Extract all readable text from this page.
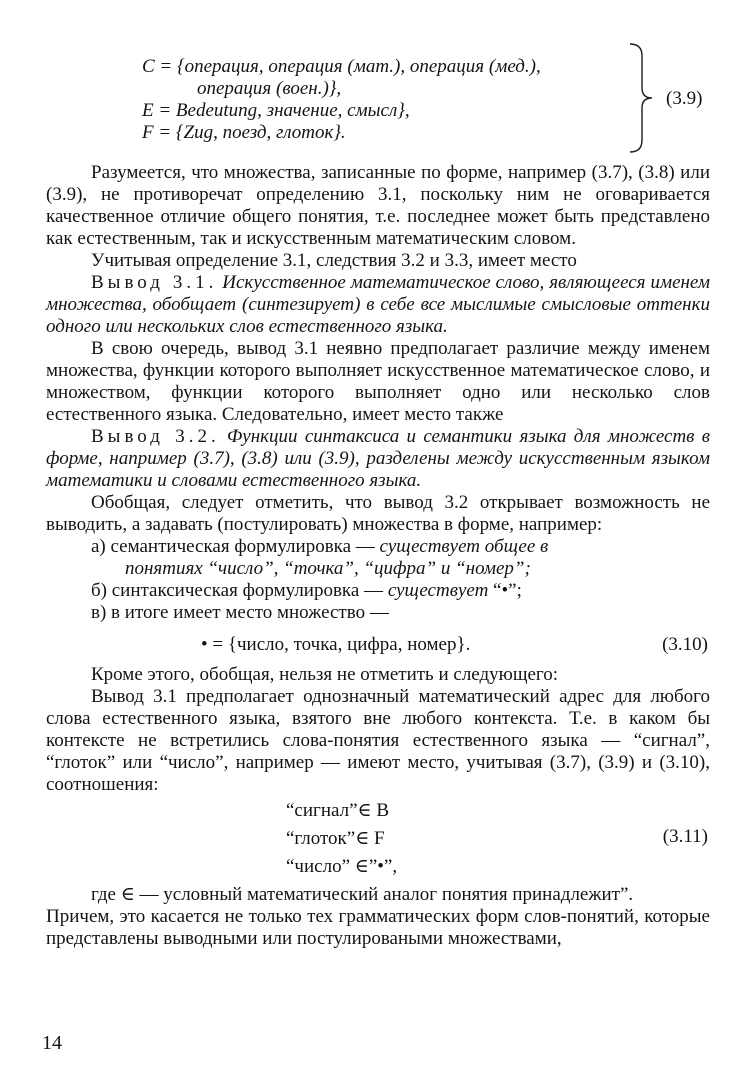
C = {операция, операция (мат.), операция (мед.),
операция (воен.)},
E = Bedeutung, значение, смысл},
F = {Zug, поезд, глоток}.
(3.9)

Разумеется, что множества, записанные по форме, например (3.7), (3.8) или (3.9), не противоречат определению 3.1, поскольку ним не оговаривается качественное отличие общего понятия, т.е. последнее может быть представлено как естественным, так и искусственным математическим словом.

Учитывая определение 3.1, следствия 3.2 и 3.3, имеет место

Вывод 3.1. Искусственное математическое слово, являющееся именем множества, обобщает (синтезирует) в себе все мыслимые смысловые оттенки одного или нескольких слов естественного языка.

В свою очередь, вывод 3.1 неявно предполагает различие между именем множества, функции которого выполняет искусственное математическое слово, и множеством, функции которого выполняет одно или несколько слов естественного языка. Следовательно, имеет место также

Вывод 3.2. Функции синтаксиса и семантики языка для множеств в форме, например (3.7), (3.8) или (3.9), разделены между искусственным языком математики и словами естественного языка.

Обобщая, следует отметить, что вывод 3.2 открывает возможность не выводить, а задавать (постулировать) множества в форме, например:

а) семантическая формулировка — существует общее в
понятиях “число”, “точка”, “цифра” и “номер”;
б) синтаксическая формулировка — существует “•”;
в) в итоге имеет место множество —
• = {число, точка, цифра, номер}.	(3.10)

Кроме этого, обобщая, нельзя не отметить и следующего:

Вывод 3.1 предполагает однозначный математический адрес для любого слова естественного языка, взятого вне любого контекста. Т.е. в каком бы контексте не встретились слова-понятия естественного языка — “сигнал”, “глоток” или “число”, например — имеют место, учитывая (3.7), (3.9) и (3.10), соотношения:

“сигнал”∈ B
“глоток”∈ F
“число” ∈”•”,
(3.11)

где ∈ — условный математический аналог понятия принадлежит”.

Причем, это касается не только тех грамматических форм слов-понятий, которые представлены выводными или постулироваными множествами,

14
